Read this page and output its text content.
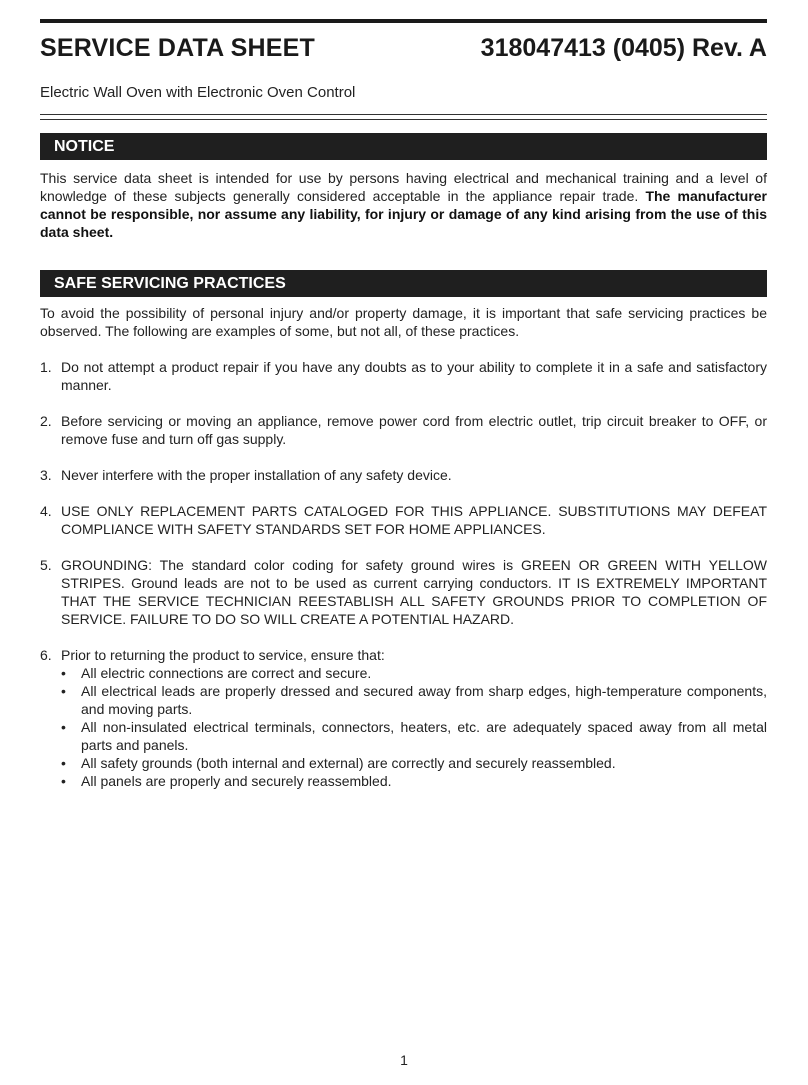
SERVICE DATA SHEET	318047413 (0405) Rev. A
Electric Wall Oven with Electronic Oven Control
NOTICE
This service data sheet is intended for use by persons having electrical and mechanical training and a level of knowledge of these subjects generally considered acceptable in the appliance repair trade. The manufacturer cannot be responsible, nor assume any liability, for injury or damage of any kind arising from the use of this data sheet.
SAFE SERVICING PRACTICES
To avoid the possibility of personal injury and/or property damage, it is important that safe servicing practices be observed. The following are examples of some, but not all, of these practices.
1. Do not attempt a product repair if you have any doubts as to your ability to complete it in a safe and satisfactory manner.
2. Before servicing or moving an appliance, remove power cord from electric outlet, trip circuit breaker to OFF, or remove fuse and turn off gas supply.
3. Never interfere with the proper installation of any safety device.
4. USE ONLY REPLACEMENT PARTS CATALOGED FOR THIS APPLIANCE. SUBSTITUTIONS MAY DEFEAT COMPLIANCE WITH SAFETY STANDARDS SET FOR HOME APPLIANCES.
5. GROUNDING: The standard color coding for safety ground wires is GREEN OR GREEN WITH YELLOW STRIPES. Ground leads are not to be used as current carrying conductors. IT IS EXTREMELY IMPORTANT THAT THE SERVICE TECHNICIAN REESTABLISH ALL SAFETY GROUNDS PRIOR TO COMPLETION OF SERVICE. FAILURE TO DO SO WILL CREATE A POTENTIAL HAZARD.
6. Prior to returning the product to service, ensure that:
• All electric connections are correct and secure.
• All electrical leads are properly dressed and secured away from sharp edges, high-temperature components, and moving parts.
• All non-insulated electrical terminals, connectors, heaters, etc. are adequately spaced away from all metal parts and panels.
• All safety grounds (both internal and external) are correctly and securely reassembled.
• All panels are properly and securely reassembled.
1
